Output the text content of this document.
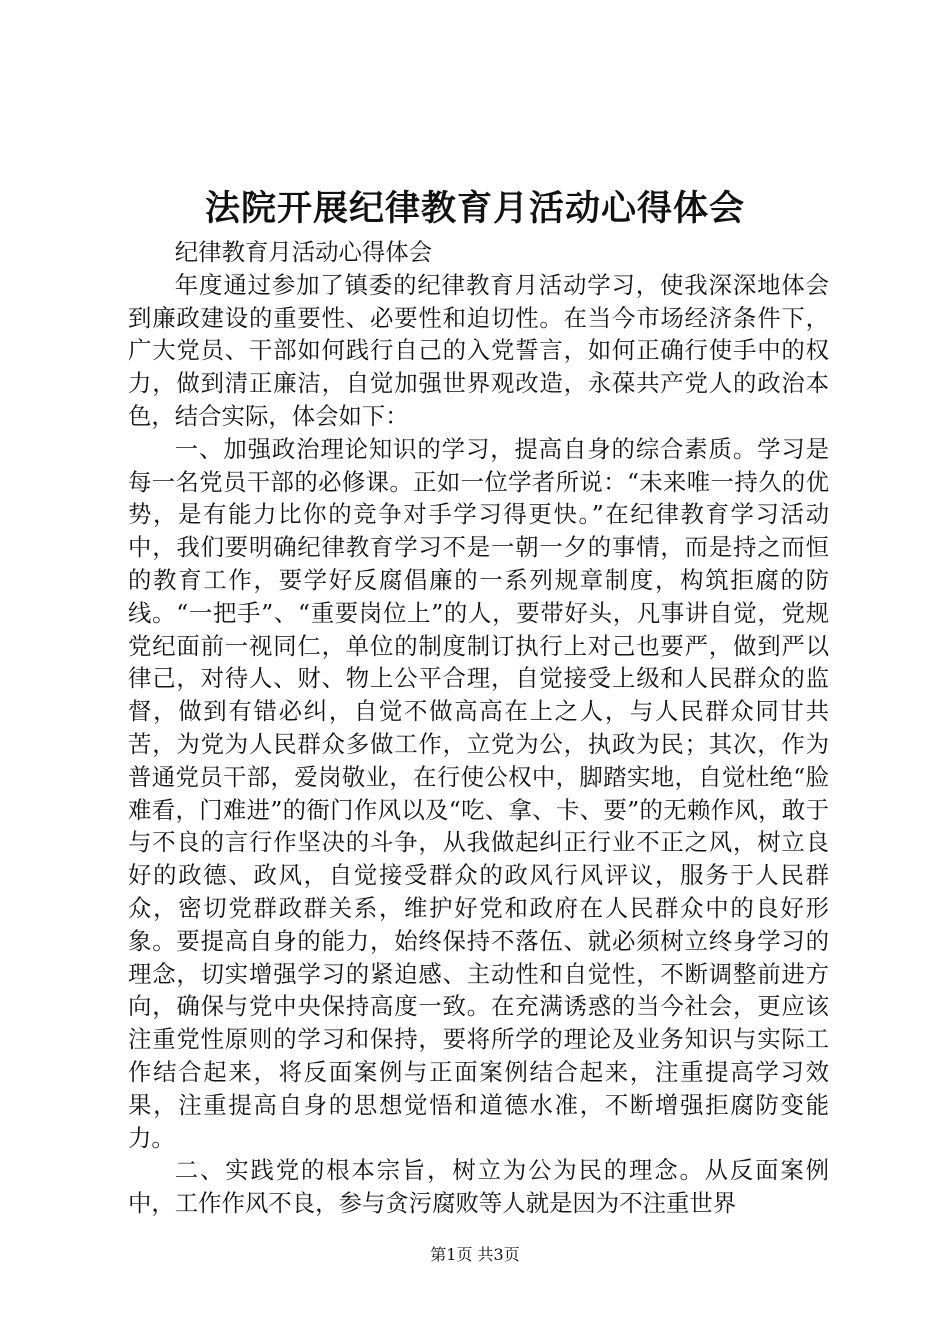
法院开展纪律教育月活动心得体会

纪律教育月活动心得体会

年度通过参加了镇委的纪律教育月活动学习，使我深深地体会到廉政建设的重要性、必要性和迫切性。在当今市场经济条件下，广大党员、干部如何践行自己的入党誓言，如何正确行使手中的权力，做到清正廉洁，自觉加强世界观改造，永葆共产党人的政治本色，结合实际，体会如下：

一、加强政治理论知识的学习，提高自身的综合素质。学习是每一名党员干部的必修课。正如一位学者所说：“未来唯一持久的优势，是有能力比你的竞争对手学习得更快。”在纪律教育学习活动中，我们要明确纪律教育学习不是一朝一夕的事情，而是持之而恒的教育工作，要学好反腐倡廉的一系列规章制度，构筑拒腐的防线。“一把手”、“重要岗位上”的人，要带好头，凡事讲自觉，党规党纪面前一视同仁，单位的制度制订执行上对己也要严，做到严以律己，对待人、财、物上公平合理，自觉接受上级和人民群众的监督，做到有错必纠，自觉不做高高在上之人，与人民群众同甘共苦，为党为人民群众多做工作，立党为公，执政为民；其次，作为普通党员干部，爱岗敬业，在行使公权中，脚踏实地，自觉杜绝“脸难看，门难进”的衙门作风以及“吃、拿、卡、要”的无赖作风，敢于与不良的言行作坚决的斗争，从我做起纠正行业不正之风，树立良好的政德、政风，自觉接受群众的政风行风评议，服务于人民群众，密切党群政群关系，维护好党和政府在人民群众中的良好形象。要提高自身的能力，始终保持不落伍、就必须树立终身学习的理念，切实增强学习的紧迫感、主动性和自觉性，不断调整前进方向，确保与党中央保持高度一致。在充满诱惑的当今社会，更应该注重党性原则的学习和保持，要将所学的理论及业务知识与实际工作结合起来，将反面案例与正面案例结合起来，注重提高学习效果，注重提高自身的思想觉悟和道德水准，不断增强拒腐防变能力。

二、实践党的根本宗旨，树立为公为民的理念。从反面案例中，工作作风不良，参与贪污腐败等人就是因为不注重世界

第1页 共3页
